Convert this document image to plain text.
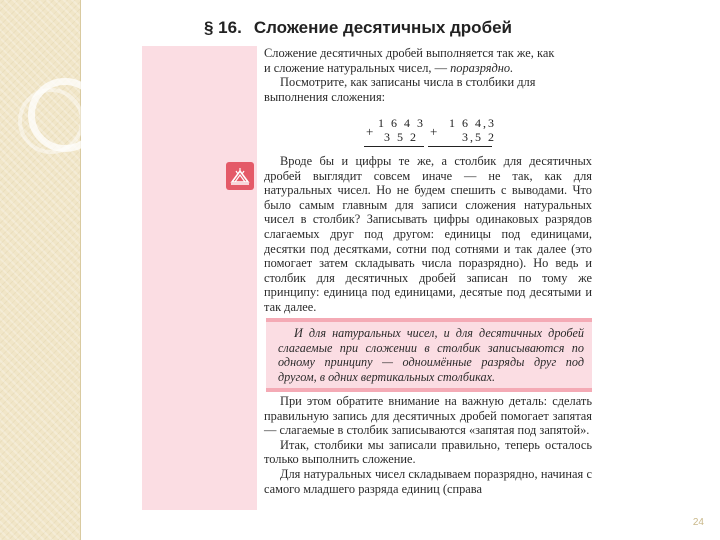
§ 16. Сложение десятичных дробей

Сложение десятичных дробей выполняется так же, как

и сложение натуральных чисел, — поразрядно.

Посмотрите, как записаны числа в столбики для

выполнения сложения:

+
1 6 4 3
3 5 2 +
1 6 4,3
3,5 2

Вроде бы и цифры те же, а столбик для десятичных дробей выглядит совсем иначе — не так, как для натуральных чисел. Но не будем спешить с выводами. Что было самым главным для записи сложения натуральных чисел в столбик? Записывать цифры одинаковых разрядов слагаемых друг под другом: единицы под единицами, десятки под десятками, сотни под сотнями и так далее (это помогает затем складывать числа поразрядно). Но ведь и столбик для десятичных дробей записан по тому же принципу: единица под единицами, десятые под десятыми и так далее.

И для натуральных чисел, и для десятичных дробей слагаемые при сложении в столбик записываются по одному принципу — одноимённые разряды друг под другом, в одних вертикальных столбиках.

При этом обратите внимание на важную деталь: сделать правильную запись для десятичных дробей помогает запятая — слагаемые в столбик записываются «запятая под запятой».

Итак, столбики мы записали правильно, теперь осталось только выполнить сложение.

Для натуральных чисел складываем поразрядно, начиная с самого младшего разряда единиц (справа

24
